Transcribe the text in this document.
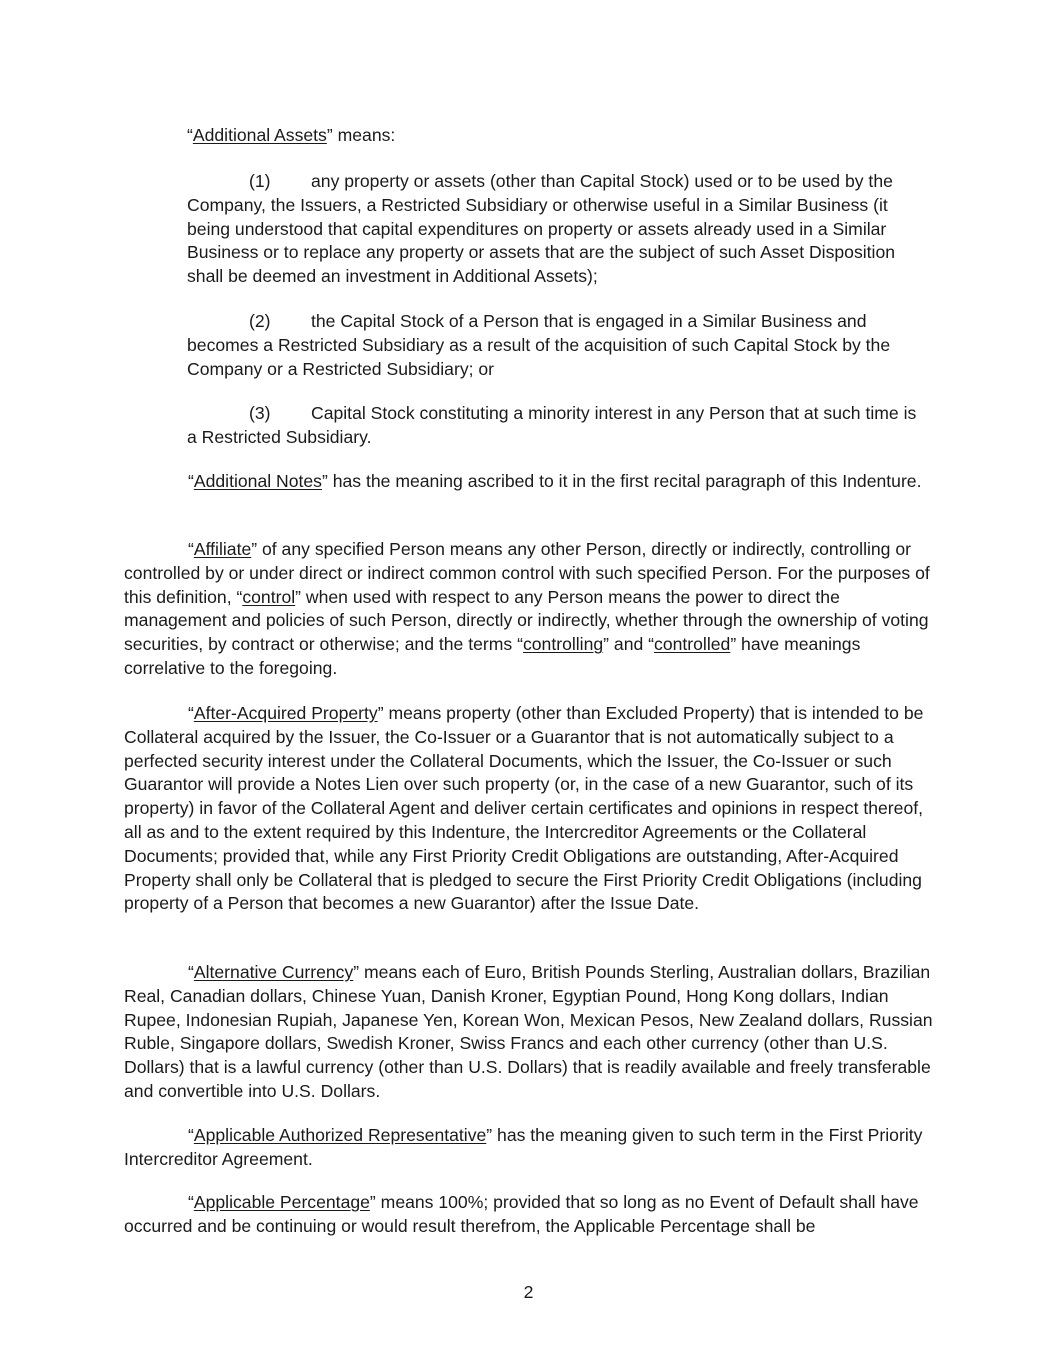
“Additional Assets” means:

(1) any property or assets (other than Capital Stock) used or to be used by the Company, the Issuers, a Restricted Subsidiary or otherwise useful in a Similar Business (it being understood that capital expenditures on property or assets already used in a Similar Business or to replace any property or assets that are the subject of such Asset Disposition shall be deemed an investment in Additional Assets);

(2) the Capital Stock of a Person that is engaged in a Similar Business and becomes a Restricted Subsidiary as a result of the acquisition of such Capital Stock by the Company or a Restricted Subsidiary; or

(3) Capital Stock constituting a minority interest in any Person that at such time is a Restricted Subsidiary.

“Additional Notes” has the meaning ascribed to it in the first recital paragraph of this Indenture.

“Affiliate” of any specified Person means any other Person, directly or indirectly, controlling or controlled by or under direct or indirect common control with such specified Person. For the purposes of this definition, “control” when used with respect to any Person means the power to direct the management and policies of such Person, directly or indirectly, whether through the ownership of voting securities, by contract or otherwise; and the terms “controlling” and “controlled” have meanings correlative to the foregoing.

“After-Acquired Property” means property (other than Excluded Property) that is intended to be Collateral acquired by the Issuer, the Co-Issuer or a Guarantor that is not automatically subject to a perfected security interest under the Collateral Documents, which the Issuer, the Co-Issuer or such Guarantor will provide a Notes Lien over such property (or, in the case of a new Guarantor, such of its property) in favor of the Collateral Agent and deliver certain certificates and opinions in respect thereof, all as and to the extent required by this Indenture, the Intercreditor Agreements or the Collateral Documents; provided that, while any First Priority Credit Obligations are outstanding, After-Acquired Property shall only be Collateral that is pledged to secure the First Priority Credit Obligations (including property of a Person that becomes a new Guarantor) after the Issue Date.

“Alternative Currency” means each of Euro, British Pounds Sterling, Australian dollars, Brazilian Real, Canadian dollars, Chinese Yuan, Danish Kroner, Egyptian Pound, Hong Kong dollars, Indian Rupee, Indonesian Rupiah, Japanese Yen, Korean Won, Mexican Pesos, New Zealand dollars, Russian Ruble, Singapore dollars, Swedish Kroner, Swiss Francs and each other currency (other than U.S. Dollars) that is a lawful currency (other than U.S. Dollars) that is readily available and freely transferable and convertible into U.S. Dollars.

“Applicable Authorized Representative” has the meaning given to such term in the First Priority Intercreditor Agreement.

“Applicable Percentage” means 100%; provided that so long as no Event of Default shall have occurred and be continuing or would result therefrom, the Applicable Percentage shall be

2
